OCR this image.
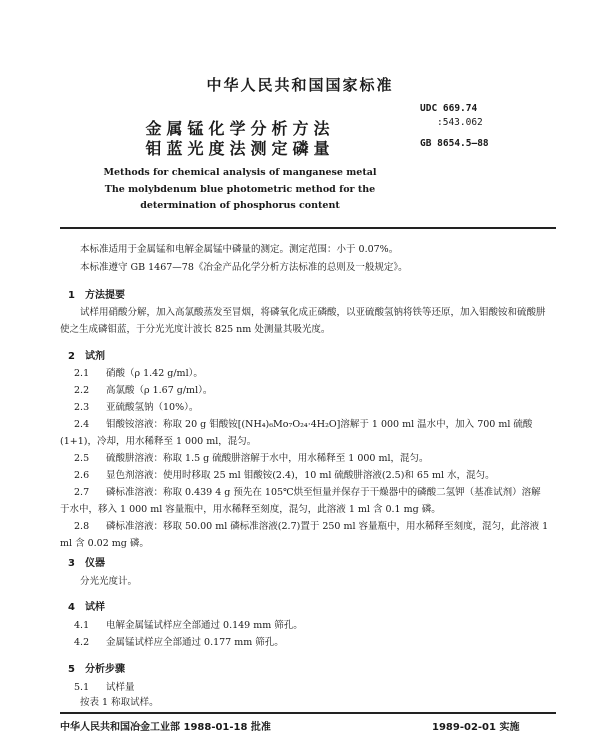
中华人民共和国国家标准
金属锰化学分析方法
钼蓝光度法测定磷量
Methods for chemical analysis of manganese metal
The molybdenum blue photometric method for the
determination of phosphorus content
UDC 669.74
:543.062
GB 8654.5—88
本标准适用于金属锰和电解金属锰中磷量的测定。测定范围：小于 0.07%。
本标准遵守 GB 1467—78《冶金产品化学分析方法标准的总则及一般规定》。
1　方法提要
试样用硝酸分解，加入高氯酸蒸发至冒烟，将磷氧化成正磷酸，以亚硫酸氢钠将铁等还原，加入钼酸铵和硫酸肼使之生成磷钼蓝，于分光光度计波长 825 nm 处测量其吸光度。
2　试剂
2.1 硝酸（ρ 1.42 g/ml）。
2.2 高氯酸（ρ 1.67 g/ml）。
2.3 亚硫酸氢钠（10%）。
2.4 钼酸铵溶液：称取 20 g 钼酸铵[(NH₄)₆Mo₇O₂₄·4H₂O]溶解于 1 000 ml 温水中，加入 700 ml 硫酸(1+1)，冷却，用水稀释至 1 000 ml，混匀。
2.5 硫酸肼溶液：称取 1.5 g 硫酸肼溶解于水中，用水稀释至 1 000 ml，混匀。
2.6 显色剂溶液：使用时移取 25 ml 钼酸铵(2.4)，10 ml 硫酸肼溶液(2.5)和 65 ml 水，混匀。
2.7 磷标准溶液：称取 0.439 4 g 预先在 105℃烘至恒量并保存于干燥器中的磷酸二氢钾（基准试剂）溶解于水中，移入 1 000 ml 容量瓶中，用水稀释至刻度，混匀，此溶液 1 ml 含 0.1 mg 磷。
2.8 磷标准溶液：移取 50.00 ml 磷标准溶液(2.7)置于 250 ml 容量瓶中，用水稀释至刻度，混匀，此溶液 1 ml 含 0.02 mg 磷。
3　仪器
分光光度计。
4　试样
4.1 电解金属锰试样应全部通过 0.149 mm 筛孔。
4.2 金属锰试样应全部通过 0.177 mm 筛孔。
5　分析步骤
5.1 试样量
按表 1 称取试样。
中华人民共和国冶金工业部 1988-01-18 批准	1989-02-01 实施
